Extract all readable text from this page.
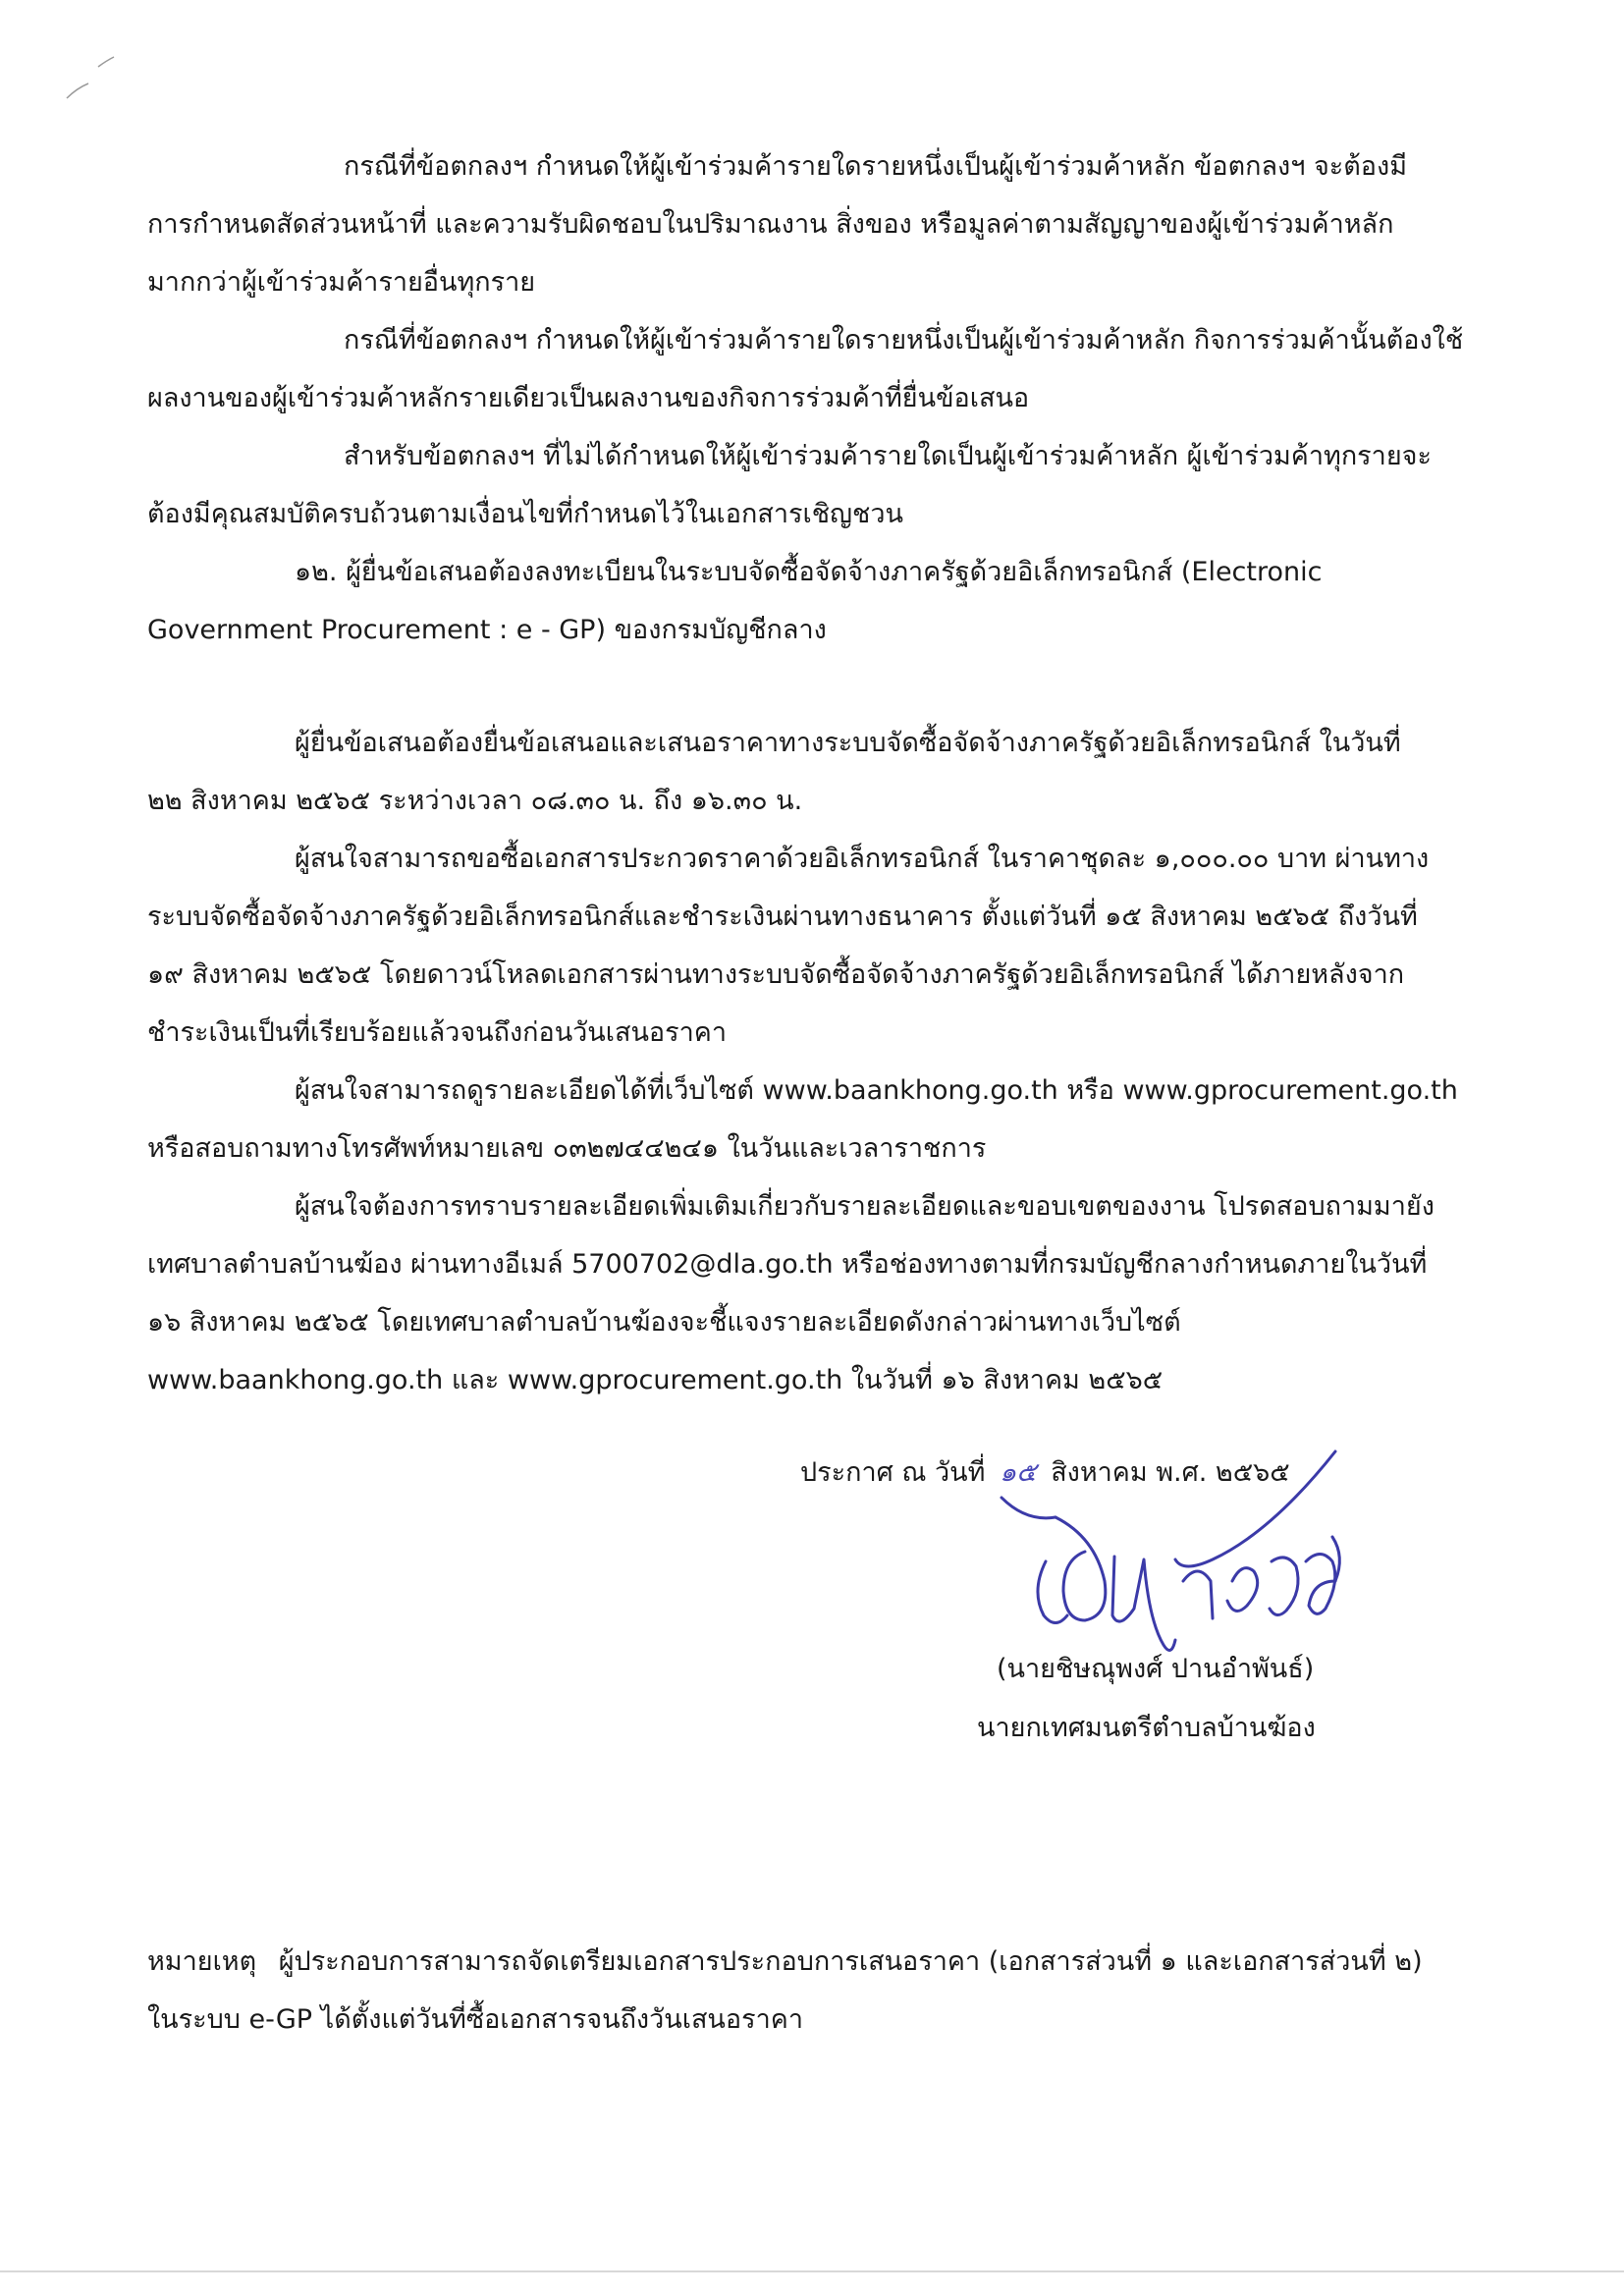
กรณีที่ข้อตกลงฯ กำหนดให้ผู้เข้าร่วมค้ารายใดรายหนึ่งเป็นผู้เข้าร่วมค้าหลัก ข้อตกลงฯ จะต้องมี

การกำหนดสัดส่วนหน้าที่ และความรับผิดชอบในปริมาณงาน สิ่งของ หรือมูลค่าตามสัญญาของผู้เข้าร่วมค้าหลัก
มากกว่าผู้เข้าร่วมค้ารายอื่นทุกราย

กรณีที่ข้อตกลงฯ กำหนดให้ผู้เข้าร่วมค้ารายใดรายหนึ่งเป็นผู้เข้าร่วมค้าหลัก กิจการร่วมค้านั้นต้องใช้

ผลงานของผู้เข้าร่วมค้าหลักรายเดียวเป็นผลงานของกิจการร่วมค้าที่ยื่นข้อเสนอ

สำหรับข้อตกลงฯ ที่ไม่ได้กำหนดให้ผู้เข้าร่วมค้ารายใดเป็นผู้เข้าร่วมค้าหลัก ผู้เข้าร่วมค้าทุกรายจะ

ต้องมีคุณสมบัติครบถ้วนตามเงื่อนไขที่กำหนดไว้ในเอกสารเชิญชวน

๑๒. ผู้ยื่นข้อเสนอต้องลงทะเบียนในระบบจัดซื้อจัดจ้างภาครัฐด้วยอิเล็กทรอนิกส์ (Electronic

Government Procurement : e - GP) ของกรมบัญชีกลาง

ผู้ยื่นข้อเสนอต้องยื่นข้อเสนอและเสนอราคาทางระบบจัดซื้อจัดจ้างภาครัฐด้วยอิเล็กทรอนิกส์ ในวันที่

๒๒ สิงหาคม ๒๕๖๕ ระหว่างเวลา ๐๘.๓๐ น. ถึง ๑๖.๓๐ น.

ผู้สนใจสามารถขอซื้อเอกสารประกวดราคาด้วยอิเล็กทรอนิกส์ ในราคาชุดละ ๑,๐๐๐.๐๐ บาท ผ่านทาง

ระบบจัดซื้อจัดจ้างภาครัฐด้วยอิเล็กทรอนิกส์และชำระเงินผ่านทางธนาคาร ตั้งแต่วันที่ ๑๕ สิงหาคม ๒๕๖๕ ถึงวันที่
๑๙ สิงหาคม ๒๕๖๕ โดยดาวน์โหลดเอกสารผ่านทางระบบจัดซื้อจัดจ้างภาครัฐด้วยอิเล็กทรอนิกส์ ได้ภายหลังจาก
ชำระเงินเป็นที่เรียบร้อยแล้วจนถึงก่อนวันเสนอราคา

ผู้สนใจสามารถดูรายละเอียดได้ที่เว็บไซต์ www.baankhong.go.th หรือ www.gprocurement.go.th

หรือสอบถามทางโทรศัพท์หมายเลข ๐๓๒๗๔๔๒๔๑ ในวันและเวลาราชการ

ผู้สนใจต้องการทราบรายละเอียดเพิ่มเติมเกี่ยวกับรายละเอียดและขอบเขตของงาน โปรดสอบถามมายัง

เทศบาลตำบลบ้านฆ้อง ผ่านทางอีเมล์ 5700702@dla.go.th หรือช่องทางตามที่กรมบัญชีกลางกำหนดภายในวันที่
๑๖ สิงหาคม ๒๕๖๕ โดยเทศบาลตำบลบ้านฆ้องจะชี้แจงรายละเอียดดังกล่าวผ่านทางเว็บไซต์
www.baankhong.go.th และ www.gprocurement.go.th ในวันที่ ๑๖ สิงหาคม ๒๕๖๕

ประกาศ ณ วันที่ ๑๕ สิงหาคม พ.ศ. ๒๕๖๕
(นายชิษณุพงศ์ ปานอำพันธ์)
นายกเทศมนตรีตำบลบ้านฆ้อง
หมายเหตุ ผู้ประกอบการสามารถจัดเตรียมเอกสารประกอบการเสนอราคา (เอกสารส่วนที่ ๑ และเอกสารส่วนที่ ๒)
ในระบบ e-GP ได้ตั้งแต่วันที่ซื้อเอกสารจนถึงวันเสนอราคา
